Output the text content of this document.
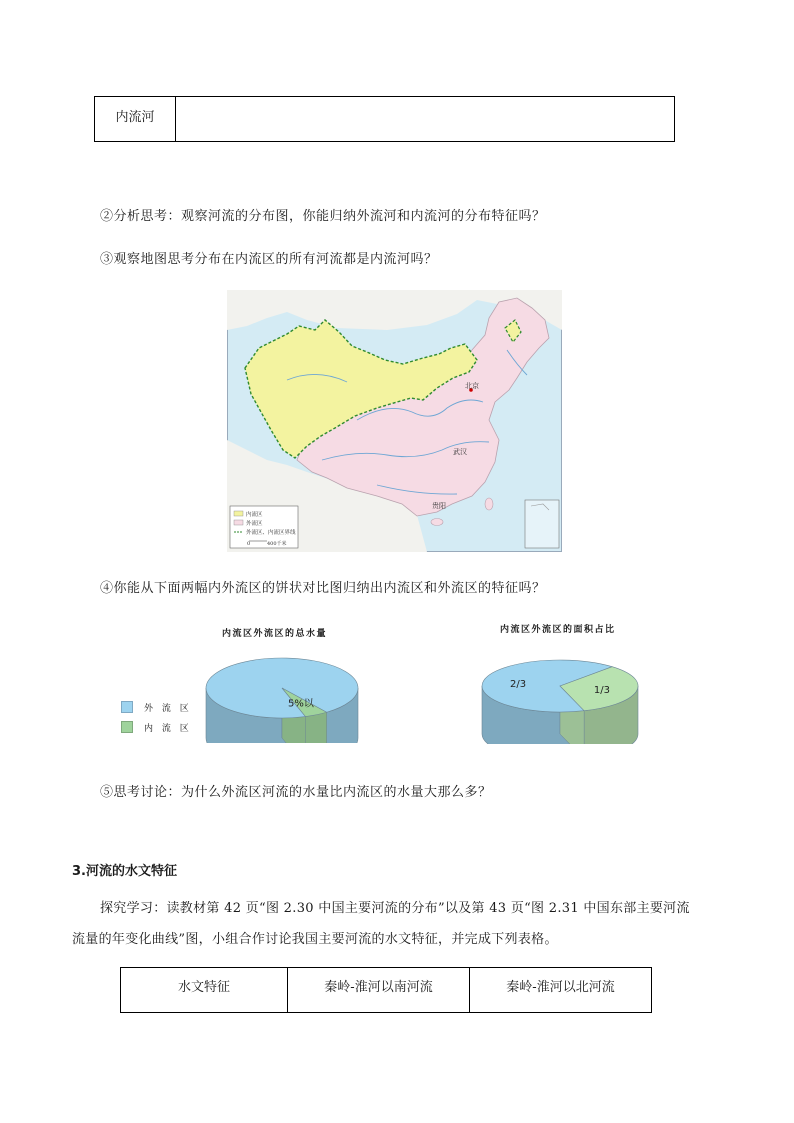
内流河	
②分析思考：观察河流的分布图，你能归纳外流河和内流河的分布特征吗？
③观察地图思考分布在内流区的所有河流都是内流河吗？
北京
武汉
贵阳
内流区
外流区
外流区、内流区界线
0	400千米
④你能从下面两幅内外流区的饼状对比图归纳出内流区和外流区的特征吗？
内流区外流区的总水量
5%以
外 流 区
内 流 区
内流区外流区的面积占比
2/3
1/3
⑤思考讨论：为什么外流区河流的水量比内流区的水量大那么多？
3.河流的水文特征
探究学习：读教材第 42 页“图 2.30 中国主要河流的分布”以及第 43 页“图 2.31 中国东部主要河流
流量的年变化曲线”图，小组合作讨论我国主要河流的水文特征，并完成下列表格。
水文特征	秦岭-淮河以南河流	秦岭-淮河以北河流
